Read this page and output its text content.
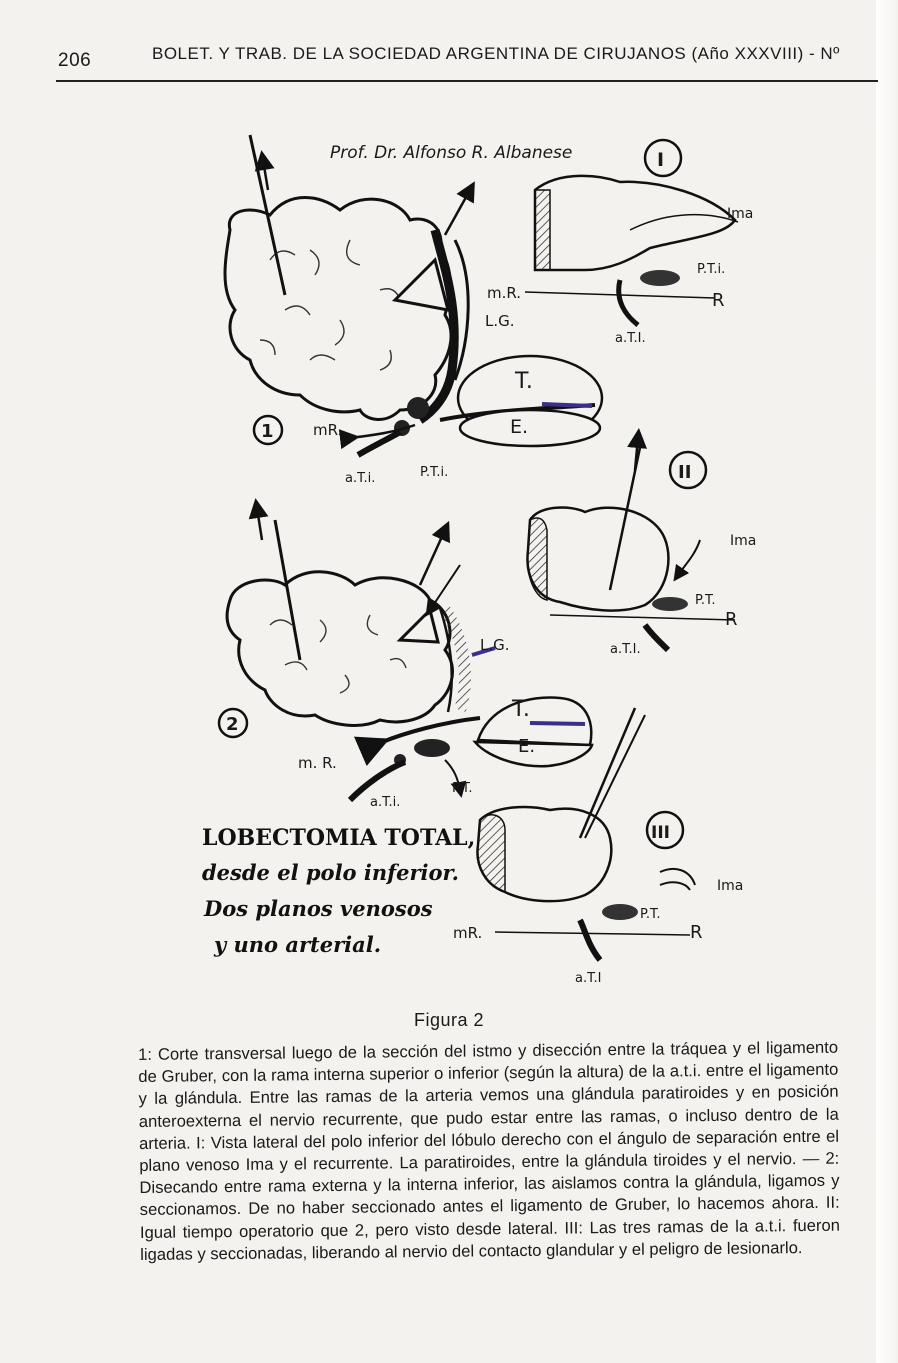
206	BOLET. Y TRAB. DE LA SOCIEDAD ARGENTINA DE CIRUJANOS (Año XXXVIII) - Nº
Prof. Dr. Alfonso R. Albanese
L.G.
T.
E.
mR.
a.T.i.	P.T.i.
1
I
Ima
P.T.i.
m.R.	R
a.T.I.
II
Ima
P.T.
R
a.T.I.
L.G.
T.
E.
m. R.
a.T.i.
P.T.
2
III
Ima
P.T.
mR.	R
a.T.I
LOBECTOMIA TOTAL,
desde el polo inferior.
Dos planos venosos
y uno arterial.
Figura 2
1: Corte transversal luego de la sección del istmo y disección entre la tráquea y el ligamento de Gruber, con la rama interna superior o inferior (según la altura) de la a.t.i. entre el ligamento y la glándula. Entre las ramas de la arteria vemos una glándula paratiroides y en posición anteroexterna el nervio recurrente, que pudo estar entre las ramas, o incluso dentro de la arteria. I: Vista lateral del polo inferior del lóbulo derecho con el ángulo de separación entre el plano venoso Ima y el recurrente. La paratiroides, entre la glándula tiroides y el nervio. — 2: Disecando entre rama externa y la interna inferior, las aislamos contra la glándula, ligamos y seccionamos. De no haber seccionado antes el ligamento de Gruber, lo hacemos ahora. II: Igual tiempo operatorio que 2, pero visto desde lateral. III: Las tres ramas de la a.t.i. fueron ligadas y seccionadas, liberando al nervio del contacto glandular y el peligro de lesionarlo.
